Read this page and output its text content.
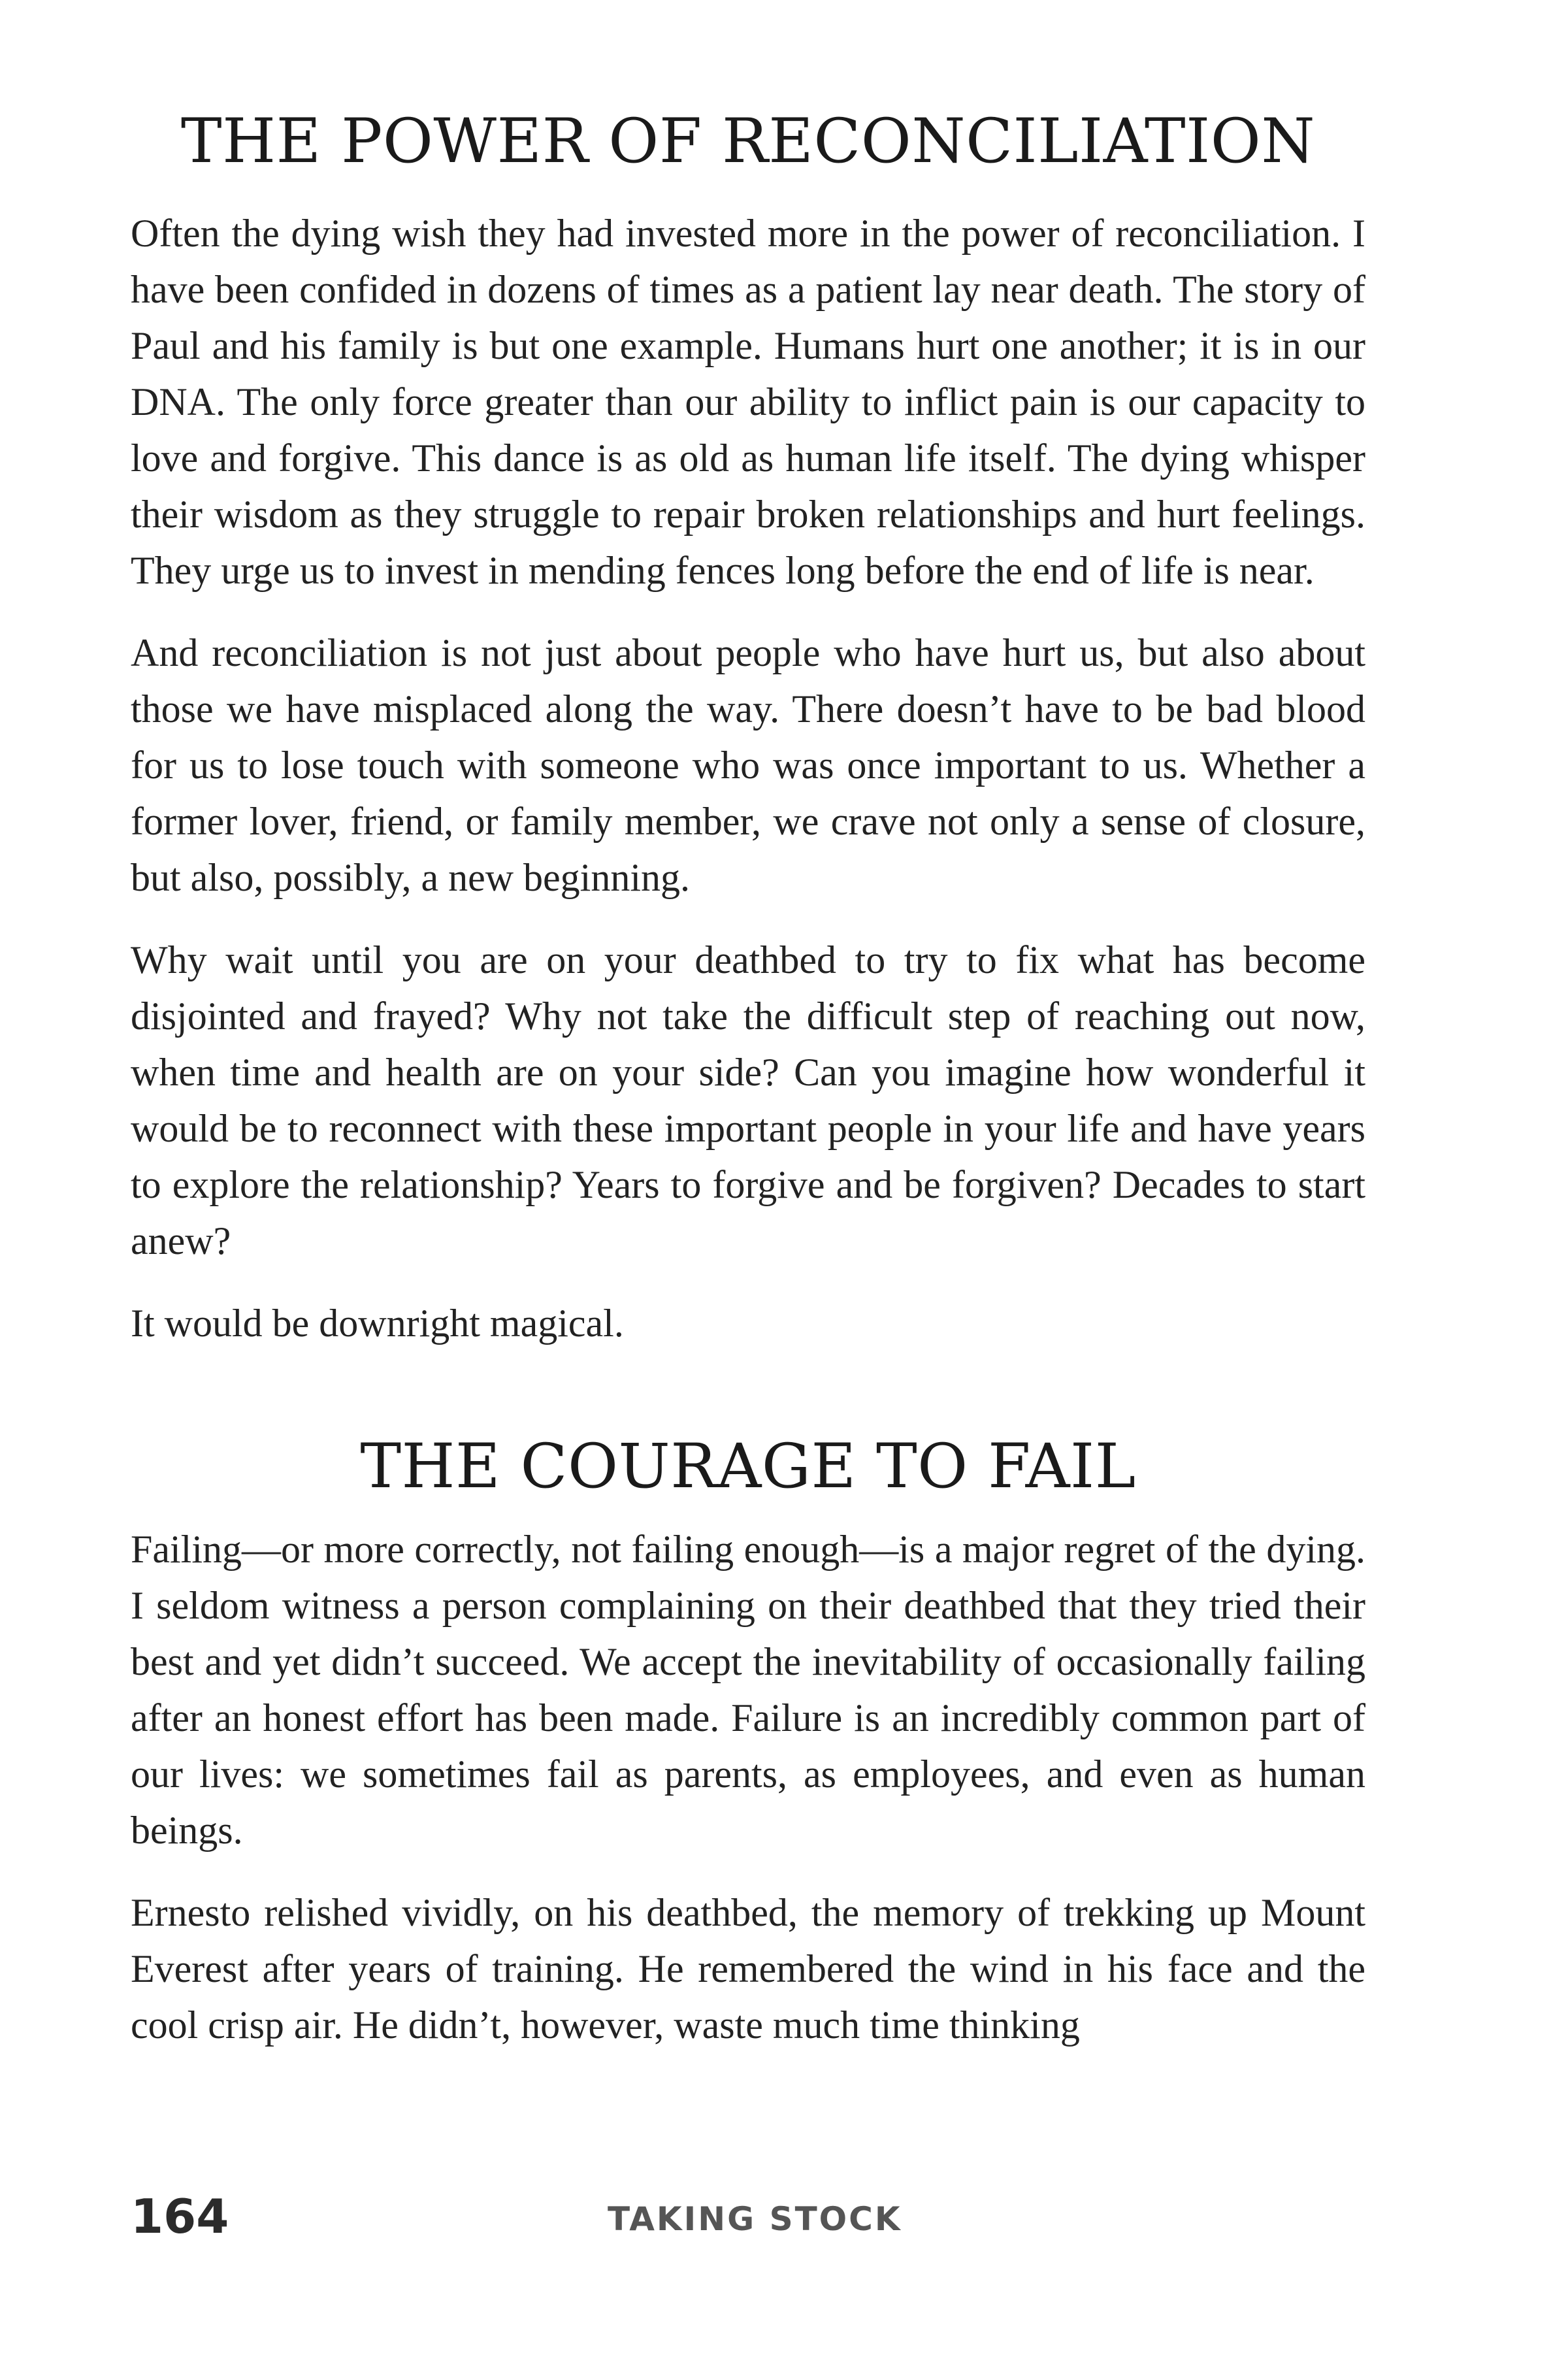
THE POWER OF RECONCILIATION

Often the dying wish they had invested more in the power of reconciliation. I have been confided in dozens of times as a patient lay near death. The story of Paul and his family is but one example. Humans hurt one another; it is in our DNA. The only force greater than our ability to inflict pain is our capacity to love and forgive. This dance is as old as human life itself. The dying whisper their wisdom as they struggle to repair broken relationships and hurt feelings. They urge us to invest in mending fences long before the end of life is near.

And reconciliation is not just about people who have hurt us, but also about those we have misplaced along the way. There doesn’t have to be bad blood for us to lose touch with someone who was once important to us. Whether a former lover, friend, or family member, we crave not only a sense of closure, but also, possibly, a new beginning.

Why wait until you are on your deathbed to try to fix what has become disjointed and frayed? Why not take the difficult step of reaching out now, when time and health are on your side? Can you imagine how wonderful it would be to reconnect with these important people in your life and have years to explore the relationship? Years to forgive and be forgiven? Decades to start anew?

It would be downright magical.

THE COURAGE TO FAIL

Failing—or more correctly, not failing enough—is a major regret of the dying. I seldom witness a person complaining on their deathbed that they tried their best and yet didn’t succeed. We accept the inevitability of occasionally failing after an honest effort has been made. Failure is an incredibly common part of our lives: we sometimes fail as parents, as employees, and even as human beings.

Ernesto relished vividly, on his deathbed, the memory of trekking up Mount Everest after years of training. He remembered the wind in his face and the cool crisp air. He didn’t, however, waste much time thinking

164	TAKING STOCK
